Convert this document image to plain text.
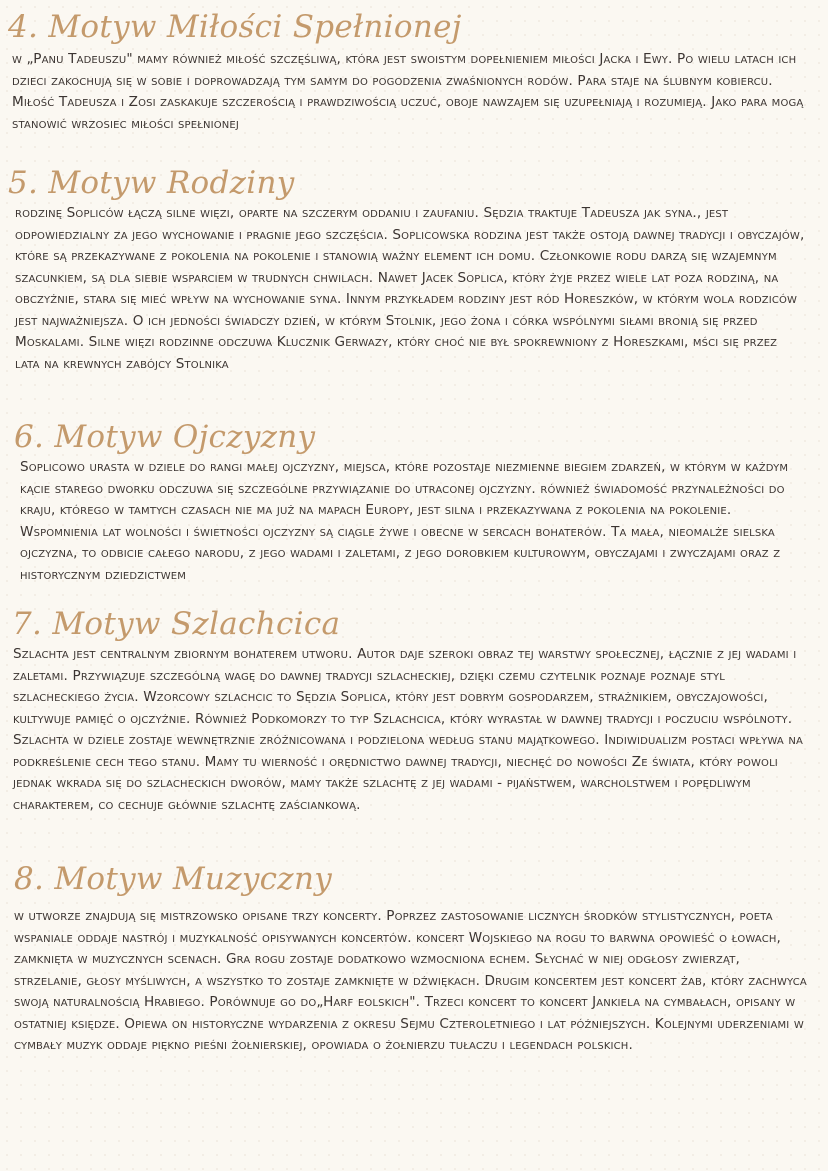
4. Motyw Miłości Spełnionej

w „Panu Tadeuszu" mamy również miłość szczęśliwą, która jest swoistym dopełnieniem miłości Jacka i Ewy. Po wielu latach ich dzieci zakochują się w sobie i doprowadzają tym samym do pogodzenia zwaśnionych rodów. Para staje na ślubnym kobiercu. Miłość Tadeusza i Zosi zaskakuje szczerością i prawdziwością uczuć, oboje nawzajem się uzupełniają i rozumieją. Jako para mogą stanowić wrzosiec miłości spełnionej

5. Motyw Rodziny

rodzinę Sopliców łączą silne więzi, oparte na szczerym oddaniu i zaufaniu. Sędzia traktuje Tadeusza jak syna., jest odpowiedzialny za jego wychowanie i pragnie jego szczęścia. Soplicowska rodzina jest także ostoją dawnej tradycji i obyczajów, które są przekazywane z pokolenia na pokolenie i stanowią ważny element ich domu. Członkowie rodu darzą się wzajemnym szacunkiem, są dla siebie wsparciem w trudnych chwilach. Nawet Jacek Soplica, który żyje przez wiele lat poza rodziną, na obczyźnie, stara się mieć wpływ na wychowanie syna. Innym przykładem rodziny jest ród Horeszków, w którym wola rodziców jest najważniejsza. O ich jedności świadczy dzień, w którym Stolnik, jego żona i córka wspólnymi siłami bronią się przed Moskalami. Silne więzi rodzinne odczuwa Klucznik Gerwazy, który choć nie był spokrewniony z Horeszkami, mści się przez lata na krewnych zabójcy Stolnika

6. Motyw Ojczyzny

Soplicowo urasta w dziele do rangi małej ojczyzny, miejsca, które pozostaje niezmienne biegiem zdarzeń, w którym w każdym kącie starego dworku odczuwa się szczególne przywiązanie do utraconej ojczyzny. również świadomość przynależności do kraju, którego w tamtych czasach nie ma już na mapach Europy, jest silna i przekazywana z pokolenia na pokolenie. Wspomnienia lat wolności i świetności ojczyzny są ciągle żywe i obecne w sercach bohaterów. Ta mała, nieomalże sielska ojczyzna, to odbicie całego narodu, z jego wadami i zaletami, z jego dorobkiem kulturowym, obyczajami i zwyczajami oraz z historycznym dziedzictwem

7. Motyw Szlachcica

Szlachta jest centralnym zbiornym bohaterem utworu. Autor daje szeroki obraz tej warstwy społecznej, łącznie z jej wadami i zaletami. Przywiązuje szczególną wagę do dawnej tradycji szlacheckiej, dzięki czemu czytelnik poznaje poznaje styl szlacheckiego życia. Wzorcowy szlachcic to Sędzia Soplica, który jest dobrym gospodarzem, strażnikiem, obyczajowości, kultywuje pamięć o ojczyźnie. Również Podkomorzy to typ Szlachcica, który wyrastał w dawnej tradycji i poczuciu wspólnoty. Szlachta w dziele zostaje wewnętrznie zróżnicowana i podzielona według stanu majątkowego. Indiwidualizm postaci wpływa na podkreślenie cech tego stanu. Mamy tu wierność i orędnictwo dawnej tradycji, niechęć do nowości Ze świata, który powoli jednak wkrada się do szlacheckich dworów, mamy także szlachtę z jej wadami - pijaństwem, warcholstwem i popędliwym charakterem, co cechuje głównie szlachtę zaściankową.

8. Motyw Muzyczny

w utworze znajdują się mistrzowsko opisane trzy koncerty. Poprzez zastosowanie licznych środków stylistycznych, poeta wspaniale oddaje nastrój i muzykalność opisywanych koncertów. koncert Wojskiego na rogu to barwna opowieść o łowach, zamknięta w muzycznych scenach. Gra rogu zostaje dodatkowo wzmocniona echem. Słychać w niej odgłosy zwierząt, strzelanie, głosy myśliwych, a wszystko to zostaje zamknięte w dźwiękach. Drugim koncertem jest koncert żab, który zachwyca swoją naturalnością Hrabiego. Porównuje go do„Harf eolskich". Trzeci koncert to koncert Jankiela na cymbałach, opisany w ostatniej księdze. Opiewa on historyczne wydarzenia z okresu Sejmu Czteroletniego i lat późniejszych. Kolejnymi uderzeniami w cymbały muzyk oddaje piękno pieśni żołnierskiej, opowiada o żołnierzu tułaczu i legendach polskich.
